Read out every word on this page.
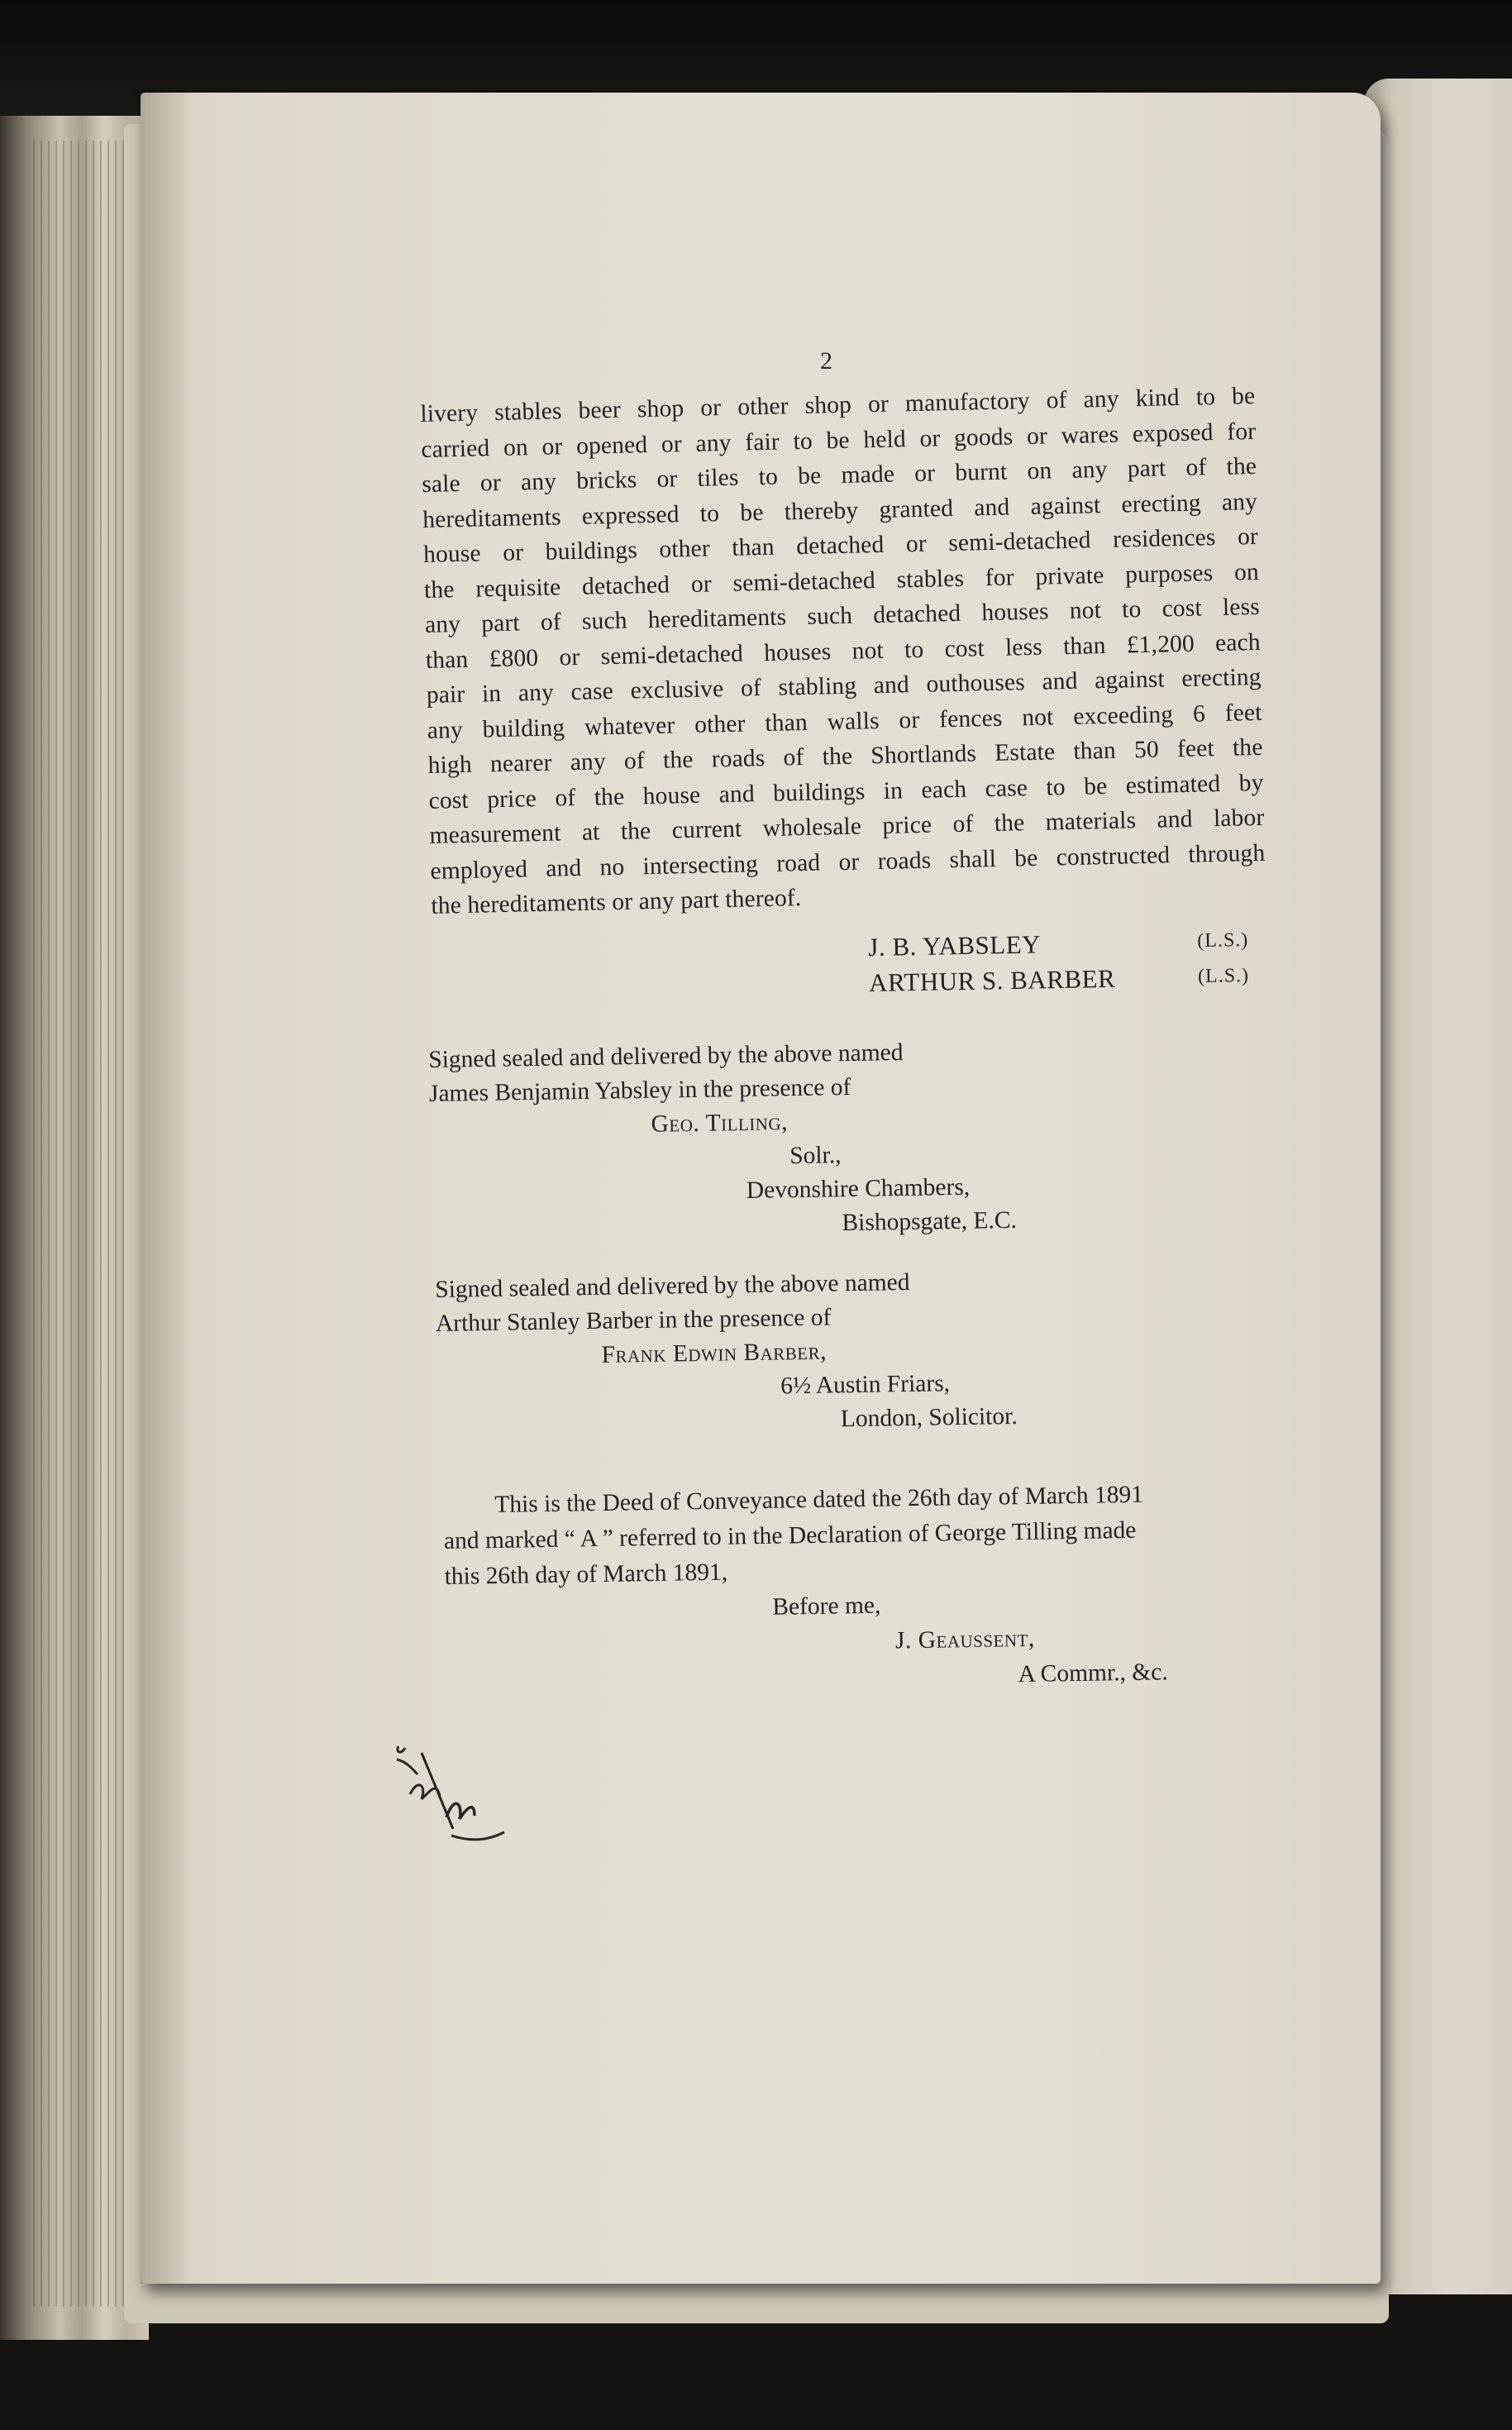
2
livery stables beer shop or other shop or manufactory of any kind to be
carried on or opened or any fair to be held or goods or wares exposed for
sale or any bricks or tiles to be made or burnt on any part of the
hereditaments expressed to be thereby granted and against erecting any
house or buildings other than detached or semi-detached residences or
the requisite detached or semi-detached stables for private purposes on
any part of such hereditaments such detached houses not to cost less
than £800 or semi-detached houses not to cost less than £1,200 each
pair in any case exclusive of stabling and outhouses and against erecting
any building whatever other than walls or fences not exceeding 6 feet
high nearer any of the roads of the Shortlands Estate than 50 feet the
cost price of the house and buildings in each case to be estimated by
measurement at the current wholesale price of the materials and labor
employed and no intersecting road or roads shall be constructed through
the hereditaments or any part thereof.
J. B. YABSLEY	(L.S.)
ARTHUR S. BARBER	(L.S.)
Signed sealed and delivered by the above named
James Benjamin Yabsley in the presence of
Geo. Tilling,
Solr.,
Devonshire Chambers,
Bishopsgate, E.C.
Signed sealed and delivered by the above named
Arthur Stanley Barber in the presence of
Frank Edwin Barber,
6½ Austin Friars,
London, Solicitor.
This is the Deed of Conveyance dated the 26th day of March 1891
and marked “ A ” referred to in the Declaration of George Tilling made
this 26th day of March 1891,
Before me,
J. Geaussent,
A Commr., &c.
